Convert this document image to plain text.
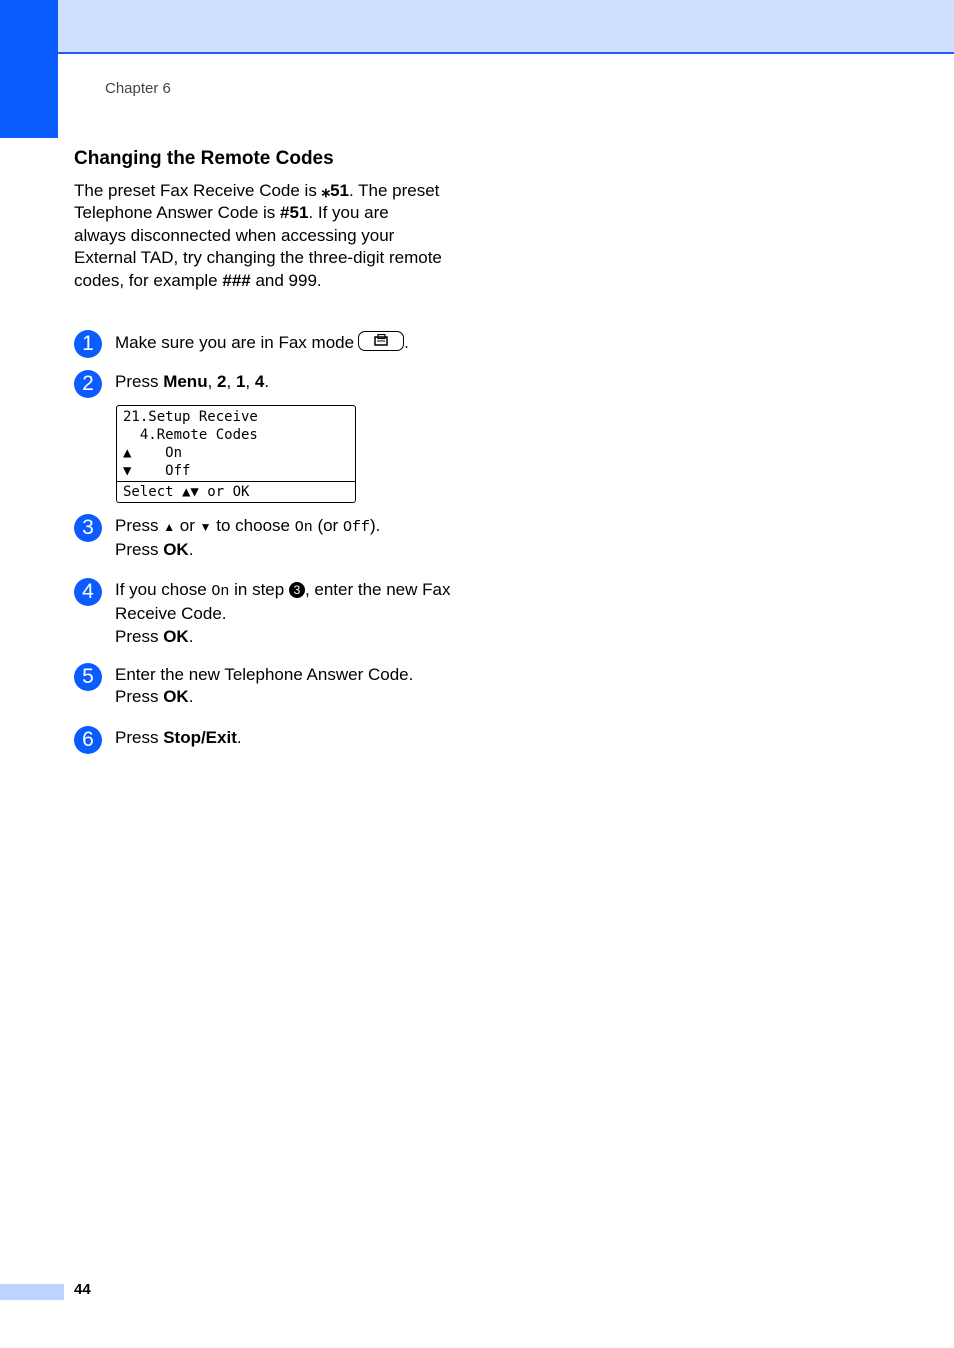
Chapter 6
Changing the Remote Codes
The preset Fax Receive Code is ⁎51. The preset Telephone Answer Code is #51. If you are always disconnected when accessing your External TAD, try changing the three-digit remote codes, for example ### and 999.
1	Make sure you are in Fax mode	.
2	Press Menu, 2, 1, 4.
21.Setup Receive
4.Remote Codes
▲    On
▼    Off
Select ▲▼ or OK
3	Press ▲ or ▼ to choose On (or Off).
Press OK.
4	If you chose On in step 3 , enter the new Fax Receive Code.
Press OK.
5	Enter the new Telephone Answer Code.
Press OK.
6	Press Stop/Exit.
44
